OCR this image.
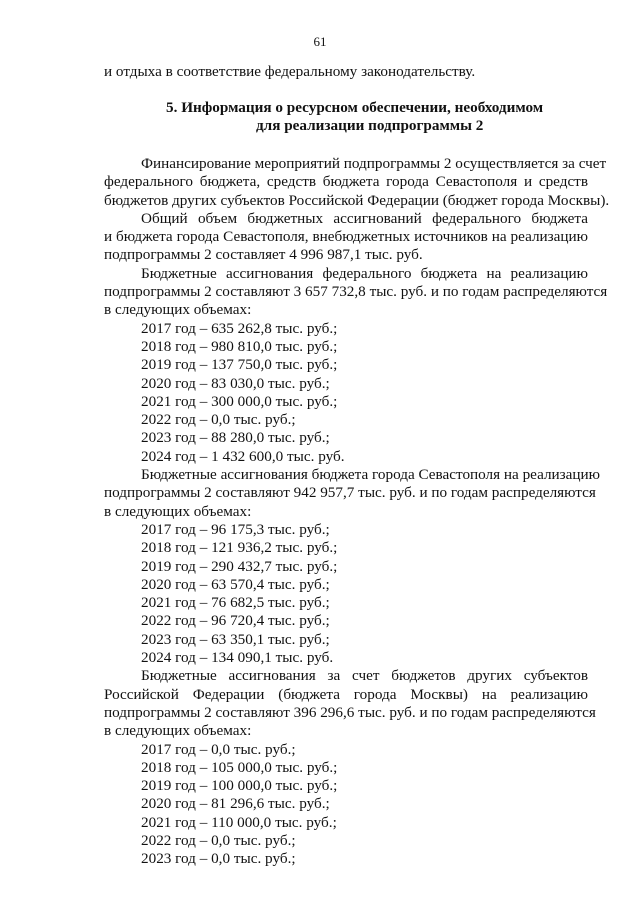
61
и отдыха в соответствие федеральному законодательству.
5. Информация о ресурсном обеспечении, необходимом
для реализации подпрограммы 2
Финансирование мероприятий подпрограммы 2 осуществляется за счет
федерального бюджета, средств бюджета города Севастополя и средств
бюджетов других субъектов Российской Федерации (бюджет города Москвы).
Общий объем бюджетных ассигнований федерального бюджета
и бюджета города Севастополя, внебюджетных источников на реализацию
подпрограммы 2 составляет 4 996 987,1 тыс. руб.
Бюджетные ассигнования федерального бюджета на реализацию
подпрограммы 2 составляют 3 657 732,8 тыс. руб. и по годам распределяются
в следующих объемах:
2017 год – 635 262,8 тыс. руб.;
2018 год – 980 810,0 тыс. руб.;
2019 год – 137 750,0 тыс. руб.;
2020 год – 83 030,0 тыс. руб.;
2021 год – 300 000,0 тыс. руб.;
2022 год – 0,0 тыс. руб.;
2023 год – 88 280,0 тыс. руб.;
2024 год – 1 432 600,0 тыс. руб.
Бюджетные ассигнования бюджета города Севастополя на реализацию
подпрограммы 2 составляют 942 957,7 тыс. руб. и по годам распределяются
в следующих объемах:
2017 год – 96 175,3 тыс. руб.;
2018 год – 121 936,2 тыс. руб.;
2019 год – 290 432,7 тыс. руб.;
2020 год – 63 570,4 тыс. руб.;
2021 год – 76 682,5 тыс. руб.;
2022 год – 96 720,4 тыс. руб.;
2023 год – 63 350,1 тыс. руб.;
2024 год – 134 090,1 тыс. руб.
Бюджетные ассигнования за счет бюджетов других субъектов
Российской Федерации (бюджета города Москвы) на реализацию
подпрограммы 2 составляют 396 296,6 тыс. руб. и по годам распределяются
в следующих объемах:
2017 год – 0,0 тыс. руб.;
2018 год – 105 000,0 тыс. руб.;
2019 год – 100 000,0 тыс. руб.;
2020 год – 81 296,6 тыс. руб.;
2021 год – 110 000,0 тыс. руб.;
2022 год – 0,0 тыс. руб.;
2023 год – 0,0 тыс. руб.;
